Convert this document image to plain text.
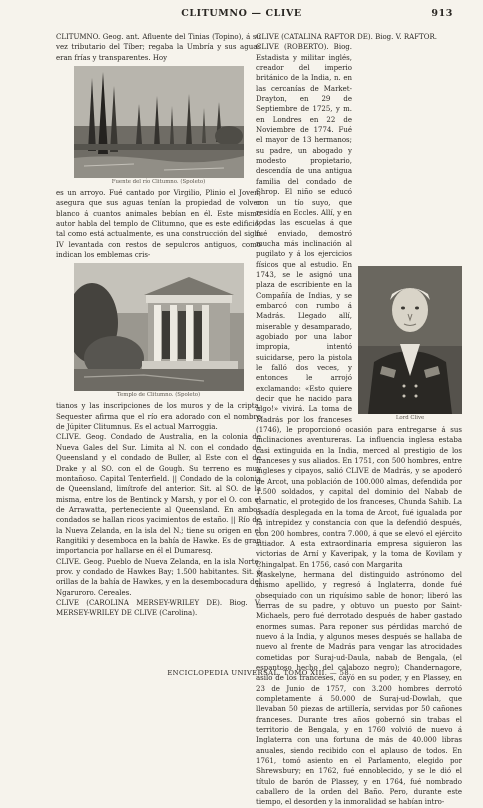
CLITUMNO — CLIVE	913

CLITUMNO. Geog. ant. Afluente del Tinias (Topino), á su vez tributario del Tíber; regaba la Umbría y sus aguas eran frías y transparentes. Hoy

Fuente del río Clitumno. (Spoleto)

es un arroyo. Fué cantado por Virgilio, Plinio el Joven, asegura que sus aguas tenían la propiedad de volver blanco á cuantos animales bebían en él. Este mismo autor habla del templo de Clitumno, que es este edificio, tal como está actualmente, es una construcción del siglo IV levantada con restos de sepulcros antiguos, como indican los emblemas cris-

Templo de Clitumno. (Spoleto)

tianos y las inscripciones de los muros y de la cripta. Sequester afirma que el río era adorado con el nombre de Júpiter Clitumnus. Es el actual Marroggia.

CLIVE. Geog. Condado de Australia, en la colonia de Nueva Gales del Sur. Limita al N. con el condado de Queensland y el condado de Buller, al Este con el de Drake y al SO. con el de Gough. Su terreno es muy montañoso. Capital Tenterfield. || Condado de la colonia de Queensland, limítrofe del anterior. Sit. al SO. de la misma, entre los de Bentinck y Marsh, y por el O. con el de Arrawatta, perteneciente al Queensland. En ambos condados se hallan ricos yacimientos de estaño. || Río de la Nueva Zelanda, en la isla del N.; tiene su origen en el Rangitiki y desemboca en la bahía de Hawke. Es de gran importancia por hallarse en él el Dumaresq.

CLIVE. Geog. Pueblo de Nueva Zelanda, en la isla Norte, prov. y condado de Hawkes Bay; 1.500 habitantes. Sit. á orillas de la bahía de Hawkes, y en la desembocadura del Ngaruroro. Cereales.

CLIVE (CAROLINA MERSEY-WRILEY DE). Biog. V. MERSEY-WRILEY DE CLIVE (Carolina).

CLIVE (CATALINA RAFTOR DE). Biog. V. RAFTOR.

Lord Clive

CLIVE (ROBERTO). Biog. Estadista y militar inglés, creador del imperio británico de la India, n. en las cercanías de Market-Drayton, en 29 de Septiembre de 1725, y m. en Londres en 22 de Noviembre de 1774. Fué el mayor de 13 hermanos; su padre, un abogado y modesto propietario, descendía de una antigua familia del condado de Shrop. El niño se educó con un tío suyo, que residía en Eccles. Allí, y en todas las escuelas á que fué enviado, demostró mucha más inclinación al pugilato y á los ejercicios físicos que al estudio. En 1743, se le asignó una plaza de escribiente en la Compañía de Indias, y se embarcó con rumbo á Madrás. Llegado allí, miserable y desamparado, agobiado por una labor impropia, intentó suicidarse, pero la pistola le falló dos veces, y entonces le arrojó exclamando: «Esto quiere decir que he nacido para algo!» vivirá. La toma de Madrás por los franceses (1746), le proporcionó ocasión para entregarse á sus inclinaciones aventureras. La influencia inglesa estaba casi extinguida en la India, merced al prestigio de los franceses y sus aliados. En 1751, con 500 hombres, entre ingleses y cipayos, salió CLIVE de Madrás, y se apoderó de Arcot, una población de 100.000 almas, defendida por 1.500 soldados, y capital del dominio del Nabab de Carnatic, el protegido de los franceses, Chunda Sahib. La osadía desplegada en la toma de Arcot, fué igualada por la intrepidez y constancia con que la defendió después, con 200 hombres, contra 7.000, á que se elevó el ejército sitiador. A esta extraordinaria empresa siguieron las victorias de Arní y Kaveripak, y la toma de Kovilam y Chingalpat. En 1756, casó con Margarita

Maskelyne, hermana del distinguido astrónomo del mismo apellido, y regresó á Inglaterra, donde fué obsequiado con un riquísimo sable de honor; liberó las tierras de su padre, y obtuvo un puesto por Saint-Michaels, pero fué derrotado después de haber gastado enormes sumas. Para reponer sus pérdidas marchó de nuevo á la India, y algunos meses después se hallaba de nuevo al frente de Madrás para vengar las atrocidades cometidas por Suraj-ud-Daula, nabab de Bengala, (el espantoso hecho del calabozo negro); Chandernagore, asilo de los franceses, cayó en su poder, y en Plassey, en 23 de Junio de 1757, con 3.200 hombres derrotó completamente á 50.000 de Suraj-ud-Dowlah, que llevaban 50 piezas de artillería, servidas por 50 cañones franceses. Durante tres años gobernó sin trabas el territorio de Bengala, y en 1760 volvió de nuevo á Inglaterra con una fortuna de más de 40.000 libras anuales, siendo recibido con el aplauso de todos. En 1761, tomó asiento en el Parlamento, elegido por Shrewsbury; en 1762, fué ennoblecido, y se le dió el título de barón de Plassey, y en 1764, fué nombrado caballero de la orden del Baño. Pero, durante este tiempo, el desorden y la inmoralidad se habían intro-

ENCICLOPEDIA UNIVERSAL. TOMO XIII. — 58.
